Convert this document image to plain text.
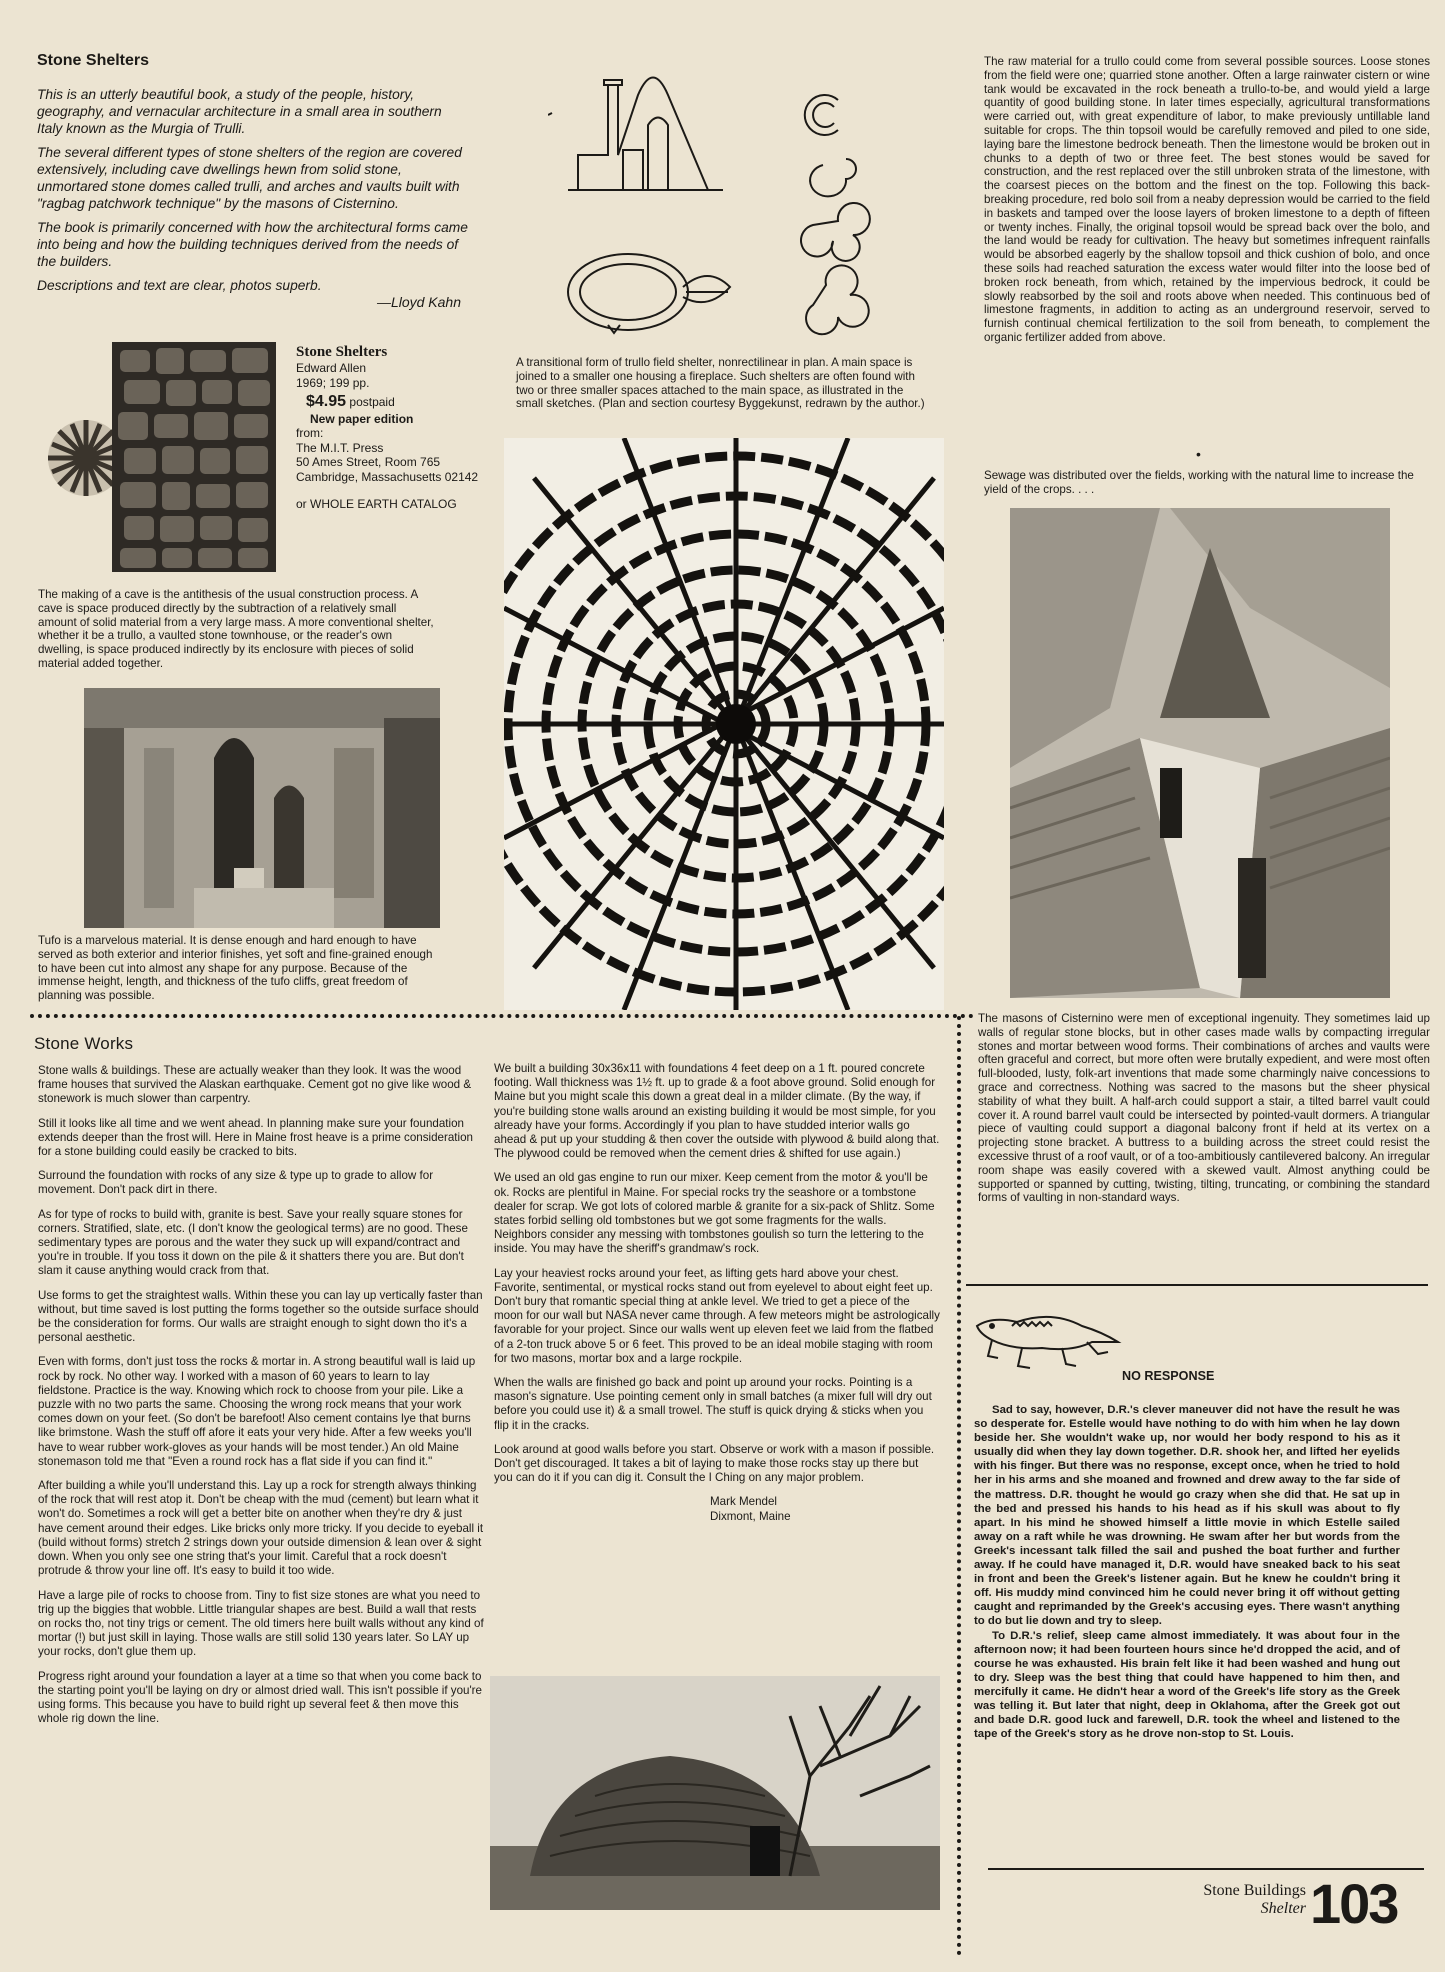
Stone Shelters

This is an utterly beautiful book, a study of the people, history, geography, and vernacular architecture in a small area in southern Italy known as the Murgia of Trulli.

The several different types of stone shelters of the region are covered extensively, including cave dwellings hewn from solid stone, unmortared stone domes called trulli, and arches and vaults built with "ragbag patchwork technique" by the masons of Cisternino.

The book is primarily concerned with how the architectural forms came into being and how the building techniques derived from the needs of the builders.

Descriptions and text are clear, photos superb.

—Lloyd Kahn
Stone Shelters
Edward Allen
1969; 199 pp.
$4.95 postpaid
New paper edition
from:
The M.I.T. Press
50 Ames Street, Room 765
Cambridge, Massachusetts 02142
or WHOLE EARTH CATALOG
The making of a cave is the antithesis of the usual construction process. A cave is space produced directly by the subtraction of a relatively small amount of solid material from a very large mass. A more conventional shelter, whether it be a trullo, a vaulted stone townhouse, or the reader's own dwelling, is space produced indirectly by its enclosure with pieces of solid material added together.
Tufo is a marvelous material. It is dense enough and hard enough to have served as both exterior and interior finishes, yet soft and fine-grained enough to have been cut into almost any shape for any purpose. Because of the immense height, length, and thickness of the tufo cliffs, great freedom of planning was possible.
A transitional form of trullo field shelter, nonrectilinear in plan. A main space is joined to a smaller one housing a fireplace. Such shelters are often found with two or three smaller spaces attached to the main space, as illustrated in the small sketches. (Plan and section courtesy Byggekunst, redrawn by the author.)
The raw material for a trullo could come from several possible sources. Loose stones from the field were one; quarried stone another. Often a large rainwater cistern or wine tank would be excavated in the rock beneath a trullo-to-be, and would yield a large quantity of good building stone. In later times especially, agricultural transformations were carried out, with great expenditure of labor, to make previously untillable land suitable for crops. The thin topsoil would be carefully removed and piled to one side, laying bare the limestone bedrock beneath. Then the limestone would be broken out in chunks to a depth of two or three feet. The best stones would be saved for construction, and the rest replaced over the still unbroken strata of the limestone, with the coarsest pieces on the bottom and the finest on the top. Following this back-breaking procedure, red bolo soil from a neaby depression would be carried to the field in baskets and tamped over the loose layers of broken limestone to a depth of fifteen or twenty inches. Finally, the original topsoil would be spread back over the bolo, and the land would be ready for cultivation. The heavy but sometimes infrequent rainfalls would be absorbed eagerly by the shallow topsoil and thick cushion of bolo, and once these soils had reached saturation the excess water would filter into the loose bed of broken rock beneath, from which, retained by the impervious bedrock, it could be slowly reabsorbed by the soil and roots above when needed. This continuous bed of limestone fragments, in addition to acting as an underground reservoir, served to furnish continual chemical fertilization to the soil from beneath, to complement the organic fertilizer added from above.
•
Sewage was distributed over the fields, working with the natural lime to increase the yield of the crops. . . .
The masons of Cisternino were men of exceptional ingenuity. They sometimes laid up walls of regular stone blocks, but in other cases made walls by compacting irregular stones and mortar between wood forms. Their combinations of arches and vaults were often graceful and correct, but more often were brutally expedient, and were most often full-blooded, lusty, folk-art inventions that made some charmingly naive concessions to grace and correctness. Nothing was sacred to the masons but the sheer physical stability of what they built. A half-arch could support a stair, a tilted barrel vault could cover it. A round barrel vault could be intersected by pointed-vault dormers. A triangular piece of vaulting could support a diagonal balcony front if held at its vertex on a projecting stone bracket. A buttress to a building across the street could resist the excessive thrust of a roof vault, or of a too-ambitiously cantilevered balcony. An irregular room shape was easily covered with a skewed vault. Almost anything could be supported or spanned by cutting, twisting, tilting, truncating, or combining the standard forms of vaulting in non-standard ways.
Stone Works

Stone walls & buildings. These are actually weaker than they look. It was the wood frame houses that survived the Alaskan earthquake. Cement got no give like wood & stonework is much slower than carpentry.

Still it looks like all time and we went ahead. In planning make sure your foundation extends deeper than the frost will. Here in Maine frost heave is a prime consideration for a stone building could easily be cracked to bits.

Surround the foundation with rocks of any size & type up to grade to allow for movement. Don't pack dirt in there.

As for type of rocks to build with, granite is best. Save your really square stones for corners. Stratified, slate, etc. (I don't know the geological terms) are no good. These sedimentary types are porous and the water they suck up will expand/contract and you're in trouble. If you toss it down on the pile & it shatters there you are. But don't slam it cause anything would crack from that.

Use forms to get the straightest walls. Within these you can lay up vertically faster than without, but time saved is lost putting the forms together so the outside surface should be the consideration for forms. Our walls are straight enough to sight down tho it's a personal aesthetic.

Even with forms, don't just toss the rocks & mortar in. A strong beautiful wall is laid up rock by rock. No other way. I worked with a mason of 60 years to learn to lay fieldstone. Practice is the way. Knowing which rock to choose from your pile. Like a puzzle with no two parts the same. Choosing the wrong rock means that your work comes down on your feet. (So don't be barefoot! Also cement contains lye that burns like brimstone. Wash the stuff off afore it eats your very hide. After a few weeks you'll have to wear rubber work-gloves as your hands will be most tender.) An old Maine stonemason told me that "Even a round rock has a flat side if you can find it."

After building a while you'll understand this. Lay up a rock for strength always thinking of the rock that will rest atop it. Don't be cheap with the mud (cement) but learn what it won't do. Sometimes a rock will get a better bite on another when they're dry & just have cement around their edges. Like bricks only more tricky. If you decide to eyeball it (build without forms) stretch 2 strings down your outside dimension & lean over & sight down. When you only see one string that's your limit. Careful that a rock doesn't protrude & throw your line off. It's easy to build it too wide.

Have a large pile of rocks to choose from. Tiny to fist size stones are what you need to trig up the biggies that wobble. Little triangular shapes are best. Build a wall that rests on rocks tho, not tiny trigs or cement. The old timers here built walls without any kind of mortar (!) but just skill in laying. Those walls are still solid 130 years later. So LAY up your rocks, don't glue them up.

Progress right around your foundation a layer at a time so that when you come back to the starting point you'll be laying on dry or almost dried wall. This isn't possible if you're using forms. This because you have to build right up several feet & then move this whole rig down the line.

We built a building 30x36x11 with foundations 4 feet deep on a 1 ft. poured concrete footing. Wall thickness was 1½ ft. up to grade & a foot above ground. Solid enough for Maine but you might scale this down a great deal in a milder climate. (By the way, if you're building stone walls around an existing building it would be most simple, for you already have your forms. Accordingly if you plan to have studded interior walls go ahead & put up your studding & then cover the outside with plywood & build along that. The plywood could be removed when the cement dries & shifted for use again.)

We used an old gas engine to run our mixer. Keep cement from the motor & you'll be ok. Rocks are plentiful in Maine. For special rocks try the seashore or a tombstone dealer for scrap. We got lots of colored marble & granite for a six-pack of Shlitz. Some states forbid selling old tombstones but we got some fragments for the walls. Neighbors consider any messing with tombstones goulish so turn the lettering to the inside. You may have the sheriff's grandmaw's rock.

Lay your heaviest rocks around your feet, as lifting gets hard above your chest. Favorite, sentimental, or mystical rocks stand out from eyelevel to about eight feet up. Don't bury that romantic special thing at ankle level. We tried to get a piece of the moon for our wall but NASA never came through. A few meteors might be astrologically favorable for your project. Since our walls went up eleven feet we laid from the flatbed of a 2-ton truck above 5 or 6 feet. This proved to be an ideal mobile staging with room for two masons, mortar box and a large rockpile.

When the walls are finished go back and point up around your rocks. Pointing is a mason's signature. Use pointing cement only in small batches (a mixer full will dry out before you could use it) & a small trowel. The stuff is quick drying & sticks when you flip it in the cracks.

Look around at good walls before you start. Observe or work with a mason if possible. Don't get discouraged. It takes a bit of laying to make those rocks stay up there but you can do it if you can dig it. Consult the I Ching on any major problem.

Mark Mendel
Dixmont, Maine
NO RESPONSE

Sad to say, however, D.R.'s clever maneuver did not have the result he was so desperate for. Estelle would have nothing to do with him when he lay down beside her. She wouldn't wake up, nor would her body respond to his as it usually did when they lay down together. D.R. shook her, and lifted her eyelids with his finger. But there was no response, except once, when he tried to hold her in his arms and she moaned and frowned and drew away to the far side of the mattress. D.R. thought he would go crazy when she did that. He sat up in the bed and pressed his hands to his head as if his skull was about to fly apart. In his mind he showed himself a little movie in which Estelle sailed away on a raft while he was drowning. He swam after her but words from the Greek's incessant talk filled the sail and pushed the boat further and further away. If he could have managed it, D.R. would have sneaked back to his seat in front and been the Greek's listener again. But he knew he couldn't bring it off. His muddy mind convinced him he could never bring it off without getting caught and reprimanded by the Greek's accusing eyes. There wasn't anything to do but lie down and try to sleep.

To D.R.'s relief, sleep came almost immediately. It was about four in the afternoon now; it had been fourteen hours since he'd dropped the acid, and of course he was exhausted. His brain felt like it had been washed and hung out to dry. Sleep was the best thing that could have happened to him then, and mercifully it came. He didn't hear a word of the Greek's life story as the Greek was telling it. But later that night, deep in Oklahoma, after the Greek got out and bade D.R. good luck and farewell, D.R. took the wheel and listened to the tape of the Greek's story as he drove non-stop to St. Louis.

Stone Buildings
Shelter 103
